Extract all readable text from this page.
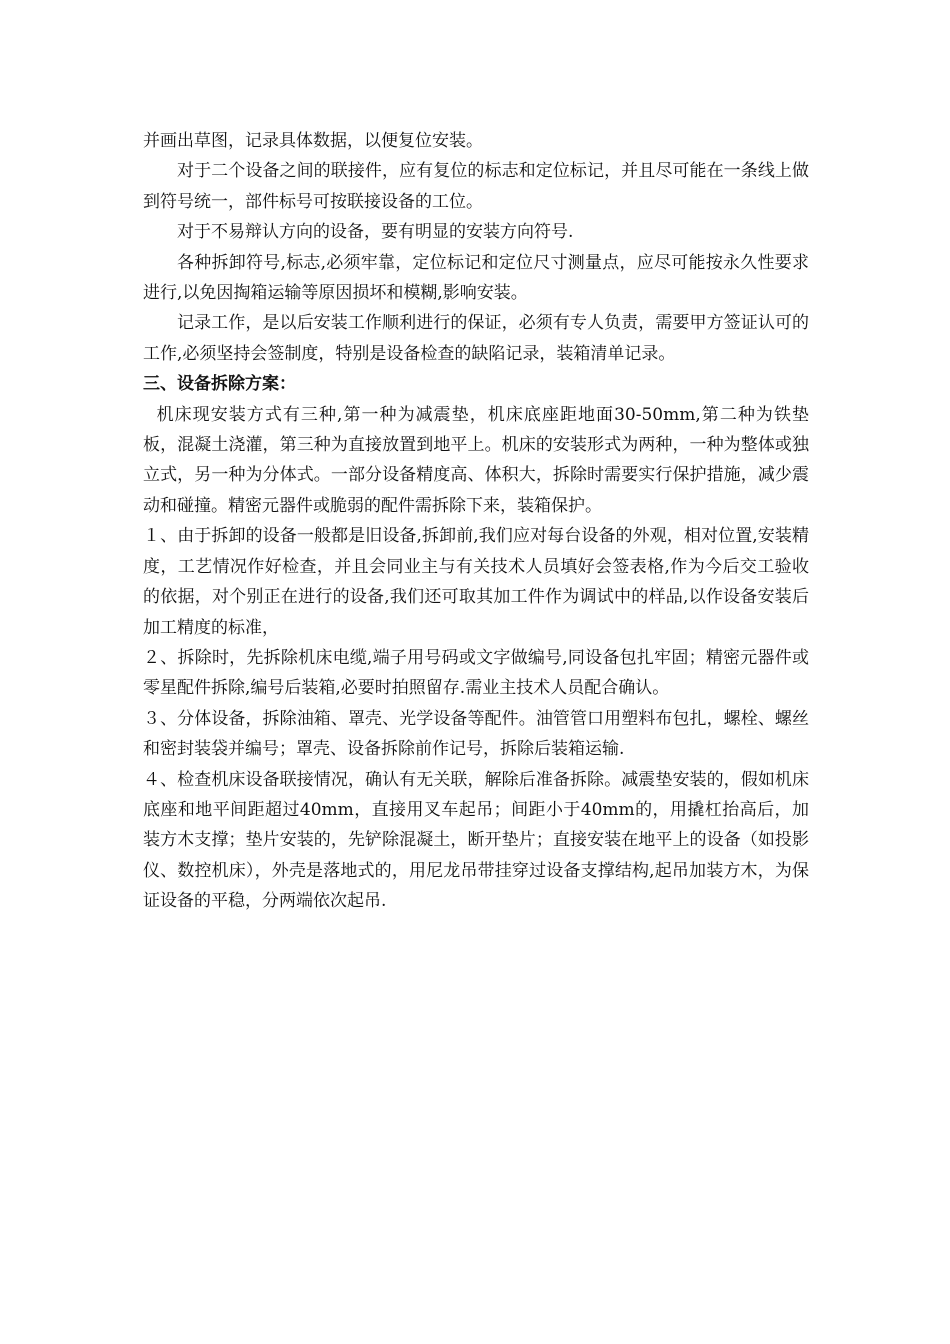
并画出草图，记录具体数据，以便复位安装。

对于二个设备之间的联接件，应有复位的标志和定位标记，并且尽可能在一条线上做到符号统一，部件标号可按联接设备的工位。

对于不易辩认方向的设备，要有明显的安装方向符号.

各种拆卸符号,标志,必须牢靠，定位标记和定位尺寸测量点，应尽可能按永久性要求进行,以免因掏箱运输等原因损坏和模糊,影响安装。

记录工作，是以后安装工作顺利进行的保证，必须有专人负责，需要甲方签证认可的工作,必须坚持会签制度，特别是设备检查的缺陷记录，装箱清单记录。

三、设备拆除方案：

机床现安装方式有三种,第一种为减震垫，机床底座距地面30-50mm,第二种为铁垫板，混凝土浇灌，第三种为直接放置到地平上。机床的安装形式为两种，一种为整体或独立式，另一种为分体式。一部分设备精度高、体积大，拆除时需要实行保护措施，减少震动和碰撞。精密元器件或脆弱的配件需拆除下来，装箱保护。

１、由于拆卸的设备一般都是旧设备,拆卸前,我们应对每台设备的外观，相对位置,安装精度，工艺情况作好检查，并且会同业主与有关技术人员填好会签表格,作为今后交工验收的依据，对个别正在进行的设备,我们还可取其加工件作为调试中的样品,以作设备安装后加工精度的标准，

２、拆除时，先拆除机床电缆,端子用号码或文字做编号,同设备包扎牢固；精密元器件或零星配件拆除,编号后装箱,必要时拍照留存.需业主技术人员配合确认。

３、分体设备，拆除油箱、罩壳、光学设备等配件。油管管口用塑料布包扎，螺栓、螺丝和密封装袋并编号；罩壳、设备拆除前作记号，拆除后装箱运输.

４、检查机床设备联接情况，确认有无关联，解除后准备拆除。减震垫安装的，假如机床底座和地平间距超过40mm，直接用叉车起吊；间距小于40mm的，用撬杠抬高后，加装方木支撑；垫片安装的，先铲除混凝土，断开垫片；直接安装在地平上的设备（如投影仪、数控机床），外壳是落地式的，用尼龙吊带挂穿过设备支撑结构,起吊加装方木，为保证设备的平稳，分两端依次起吊.
